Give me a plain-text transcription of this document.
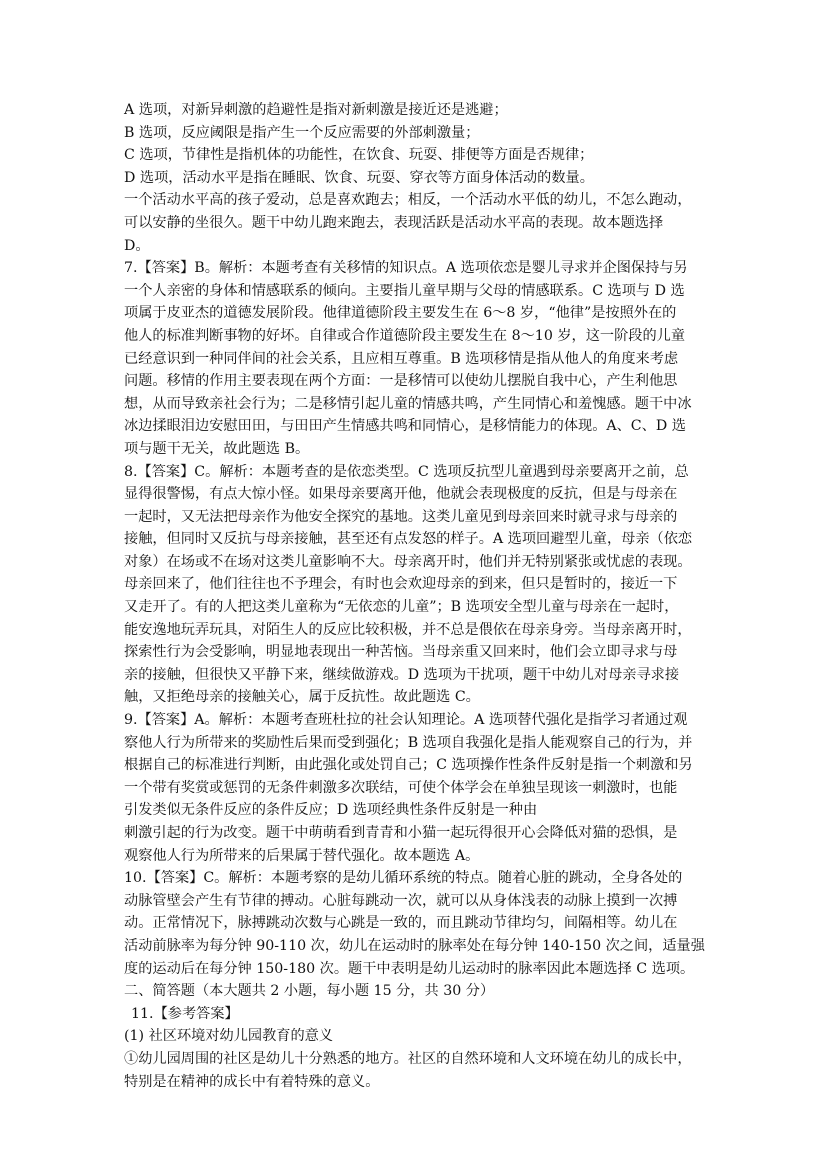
A 选项，对新异刺激的趋避性是指对新刺激是接近还是逃避；
B 选项，反应阈限是指产生一个反应需要的外部刺激量；
C 选项，节律性是指机体的功能性，在饮食、玩耍、排便等方面是否规律；
D 选项，活动水平是指在睡眠、饮食、玩耍、穿衣等方面身体活动的数量。
一个活动水平高的孩子爱动，总是喜欢跑去；相反，一个活动水平低的幼儿，不怎么跑动，
可以安静的坐很久。题干中幼儿跑来跑去，表现活跃是活动水平高的表现。故本题选择
D。
7.【答案】B。解析：本题考查有关移情的知识点。A 选项依恋是婴儿寻求并企图保持与另
一个人亲密的身体和情感联系的倾向。主要指儿童早期与父母的情感联系。C 选项与 D 选
项属于皮亚杰的道德发展阶段。他律道德阶段主要发生在 6～8 岁，“他律”是按照外在的
他人的标准判断事物的好坏。自律或合作道德阶段主要发生在 8～10 岁，这一阶段的儿童
已经意识到一种同伴间的社会关系，且应相互尊重。B 选项移情是指从他人的角度来考虑
问题。移情的作用主要表现在两个方面：一是移情可以使幼儿摆脱自我中心，产生利他思
想，从而导致亲社会行为；二是移情引起儿童的情感共鸣，产生同情心和羞愧感。题干中冰
冰边揉眼泪边安慰田田，与田田产生情感共鸣和同情心，是移情能力的体现。A、C、D 选
项与题干无关，故此题选 B。
8.【答案】C。解析：本题考查的是依恋类型。C 选项反抗型儿童遇到母亲要离开之前，总
显得很警惕，有点大惊小怪。如果母亲要离开他，他就会表现极度的反抗，但是与母亲在
一起时，又无法把母亲作为他安全探究的基地。这类儿童见到母亲回来时就寻求与母亲的
接触，但同时又反抗与母亲接触，甚至还有点发怒的样子。A 选项回避型儿童，母亲（依恋
对象）在场或不在场对这类儿童影响不大。母亲离开时，他们并无特别紧张或忧虑的表现。
母亲回来了，他们往往也不予理会，有时也会欢迎母亲的到来，但只是暂时的，接近一下
又走开了。有的人把这类儿童称为“无依恋的儿童”；B 选项安全型儿童与母亲在一起时，
能安逸地玩弄玩具，对陌生人的反应比较积极，并不总是偎依在母亲身旁。当母亲离开时，
探索性行为会受影响，明显地表现出一种苦恼。当母亲重又回来时，他们会立即寻求与母
亲的接触，但很快又平静下来，继续做游戏。D 选项为干扰项，题干中幼儿对母亲寻求接
触，又拒绝母亲的接触关心，属于反抗性。故此题选 C。
9.【答案】A。解析：本题考查班杜拉的社会认知理论。A 选项替代强化是指学习者通过观
察他人行为所带来的奖励性后果而受到强化；B 选项自我强化是指人能观察自己的行为，并
根据自己的标准进行判断，由此强化或处罚自己；C 选项操作性条件反射是指一个刺激和另
一个带有奖赏或惩罚的无条件刺激多次联结，可使个体学会在单独呈现该一刺激时，也能
引发类似无条件反应的条件反应；D 选项经典性条件反射是一种由
刺激引起的行为改变。题干中萌萌看到青青和小猫一起玩得很开心会降低对猫的恐惧，是
观察他人行为所带来的后果属于替代强化。故本题选 A。
10.【答案】C。解析：本题考察的是幼儿循环系统的特点。随着心脏的跳动，全身各处的
动脉管壁会产生有节律的搏动。心脏每跳动一次，就可以从身体浅表的动脉上摸到一次搏
动。正常情况下，脉搏跳动次数与心跳是一致的，而且跳动节律均匀，间隔相等。幼儿在
活动前脉率为每分钟 90-110 次，幼儿在运动时的脉率处在每分钟 140-150 次之间，适量强
度的运动后在每分钟 150-180 次。题干中表明是幼儿运动时的脉率因此本题选择 C 选项。
二、简答题（本大题共 2 小题，每小题 15 分，共 30 分）
11.【参考答案】
(1) 社区环境对幼儿园教育的意义
①幼儿园周围的社区是幼儿十分熟悉的地方。社区的自然环境和人文环境在幼儿的成长中，
特别是在精神的成长中有着特殊的意义。
